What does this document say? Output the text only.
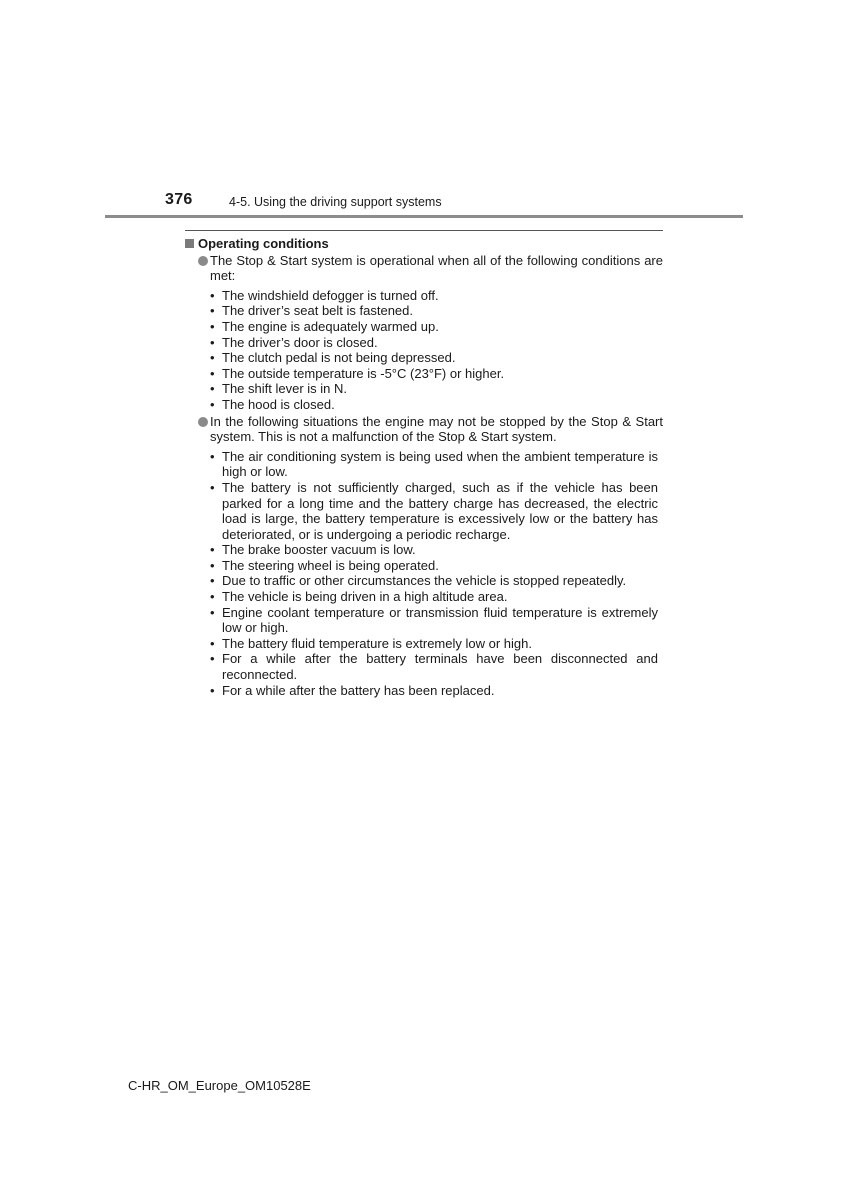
376	4-5. Using the driving support systems
Operating conditions
The Stop & Start system is operational when all of the following conditions are met:
• The windshield defogger is turned off.
• The driver’s seat belt is fastened.
• The engine is adequately warmed up.
• The driver’s door is closed.
• The clutch pedal is not being depressed.
• The outside temperature is -5°C (23°F) or higher.
• The shift lever is in N.
• The hood is closed.
In the following situations the engine may not be stopped by the Stop & Start system. This is not a malfunction of the Stop & Start system.
• The air conditioning system is being used when the ambient temperature is high or low.
• The battery is not sufficiently charged, such as if the vehicle has been parked for a long time and the battery charge has decreased, the electric load is large, the battery temperature is excessively low or the battery has deteriorated, or is undergoing a periodic recharge.
• The brake booster vacuum is low.
• The steering wheel is being operated.
• Due to traffic or other circumstances the vehicle is stopped repeatedly.
• The vehicle is being driven in a high altitude area.
• Engine coolant temperature or transmission fluid temperature is extremely low or high.
• The battery fluid temperature is extremely low or high.
• For a while after the battery terminals have been disconnected and reconnected.
• For a while after the battery has been replaced.
C-HR_OM_Europe_OM10528E
